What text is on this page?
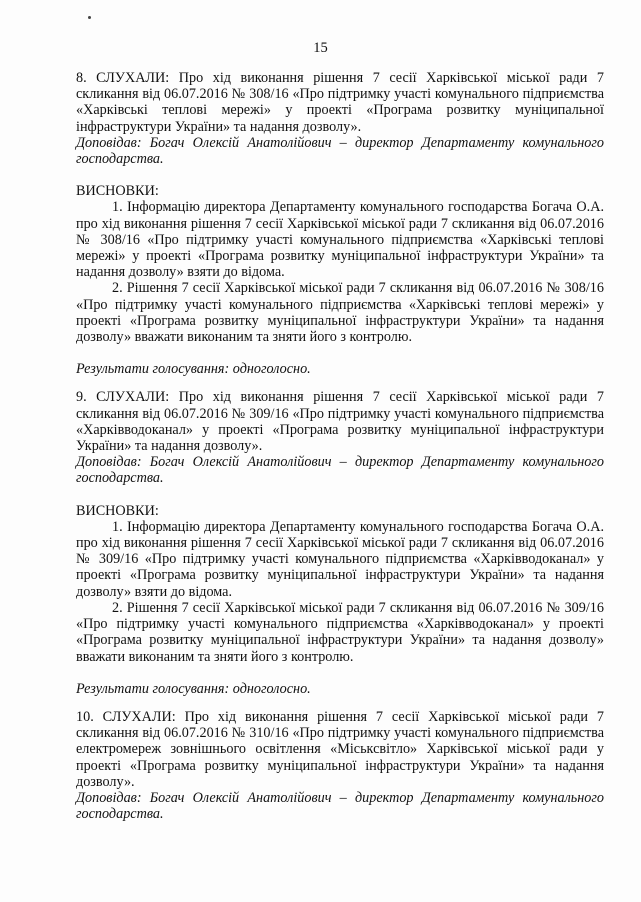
15

8. СЛУХАЛИ: Про хід виконання рішення 7 сесії Харківської міської ради 7 скликання від 06.07.2016 № 308/16 «Про підтримку участі комунального підприємства «Харківські теплові мережі» у проекті «Програма розвитку муніципальної інфраструктури України» та надання дозволу».

Доповідав: Богач Олексій Анатолійович – директор Департаменту комунального господарства.

ВИСНОВКИ:

1. Інформацію директора Департаменту комунального господарства Богача О.А. про хід виконання рішення 7 сесії Харківської міської ради 7 скликання від 06.07.2016 № 308/16 «Про підтримку участі комунального підприємства «Харківські теплові мережі» у проекті «Програма розвитку муніципальної інфраструктури України» та надання дозволу» взяти до відома.

2. Рішення 7 сесії Харківської міської ради 7 скликання від 06.07.2016 № 308/16 «Про підтримку участі комунального підприємства «Харківські теплові мережі» у проекті «Програма розвитку муніципальної інфраструктури України» та надання дозволу» вважати виконаним та зняти його з контролю.

Результати голосування: одноголосно.

9. СЛУХАЛИ: Про хід виконання рішення 7 сесії Харківської міської ради 7 скликання від 06.07.2016 № 309/16 «Про підтримку участі комунального підприємства «Харківводоканал» у проекті «Програма розвитку муніципальної інфраструктури України» та надання дозволу».

Доповідав: Богач Олексій Анатолійович – директор Департаменту комунального господарства.

ВИСНОВКИ:

1. Інформацію директора Департаменту комунального господарства Богача О.А. про хід виконання рішення 7 сесії Харківської міської ради 7 скликання від 06.07.2016 № 309/16 «Про підтримку участі комунального підприємства «Харківводоканал» у проекті «Програма розвитку муніципальної інфраструктури України» та надання дозволу» взяти до відома.

2. Рішення 7 сесії Харківської міської ради 7 скликання від 06.07.2016 № 309/16 «Про підтримку участі комунального підприємства «Харківводоканал» у проекті «Програма розвитку муніципальної інфраструктури України» та надання дозволу» вважати виконаним та зняти його з контролю.

Результати голосування: одноголосно.

10. СЛУХАЛИ: Про хід виконання рішення 7 сесії Харківської міської ради 7 скликання від 06.07.2016 № 310/16 «Про підтримку участі комунального підприємства електромереж зовнішнього освітлення «Міськсвітло» Харківської міської ради у проекті «Програма розвитку муніципальної інфраструктури України» та надання дозволу».

Доповідав: Богач Олексій Анатолійович – директор Департаменту комунального господарства.
